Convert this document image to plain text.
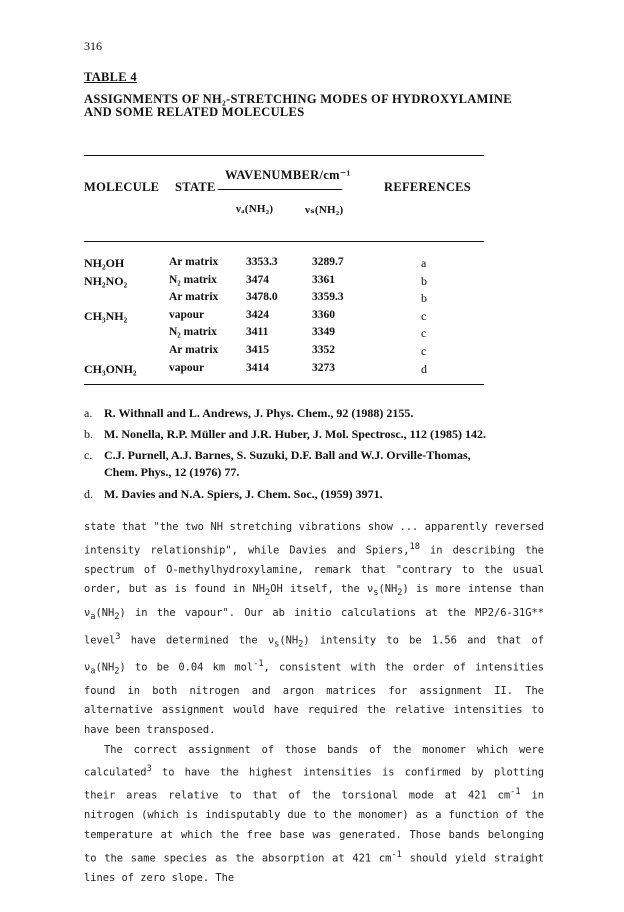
316
TABLE 4
ASSIGNMENTS OF NH₂-STRETCHING MODES OF HYDROXYLAMINE
AND SOME RELATED MOLECULES
WAVENUMBER/cm⁻¹
MOLECULE STATE	REFERENCES
νₐ(NH₂)	νₛ(NH₂)
NH₂OH	Ar matrix 3353.3	3289.7	a
NH₂NO₂	N₂ matrix	3474	3361	b
Ar matrix 3478.0	3359.3	b
CH₃NH₂	vapour	3424	3360	c
N₂ matrix	3411	3349	c
Ar matrix 3415	3352	c
CH₃ONH₂	vapour	3414	3273	d
a. R. Withnall and L. Andrews, J. Phys. Chem., 92 (1988) 2155.
b. M. Nonella, R.P. Müller and J.R. Huber, J. Mol. Spectrosc., 112 (1985) 142.
c. C.J. Purnell, A.J. Barnes, S. Suzuki, D.F. Ball and W.J. Orville-Thomas,
Chem. Phys., 12 (1976) 77.
d. M. Davies and N.A. Spiers, J. Chem. Soc., (1959) 3971.

state that "the two NH stretching vibrations show ... apparently reversed intensity relationship", while Davies and Spiers,$^{18}$ in describing the spectrum of O-methylhydroxylamine, remark that "contrary to the usual order, but as is found in $NH_2OH$ itself, the $\nu_s(NH_2)$ is more intense than $\nu_a(NH_2)$ in the vapour". Our ab initio calculations at the MP2/6-31G** level$^3$ have determined the $\nu_s(NH_2)$ intensity to be 1.56 and that of $\nu_a(NH_2)$ to be 0.04 km mol$^{-1}$, consistent with the order of intensities found in both nitrogen and argon matrices for assignment II. The alternative assignment would have required the relative intensities to have been transposed.

The correct assignment of those bands of the monomer which were calculated$^3$ to have the highest intensities is confirmed by plotting their areas relative to that of the torsional mode at 421 $cm^{-1}$ in nitrogen (which is indisputably due to the monomer) as a function of the temperature at which the free base was generated. Those bands belonging to the same species as the absorption at 421 $cm^{-1}$ should yield straight lines of zero slope. The
